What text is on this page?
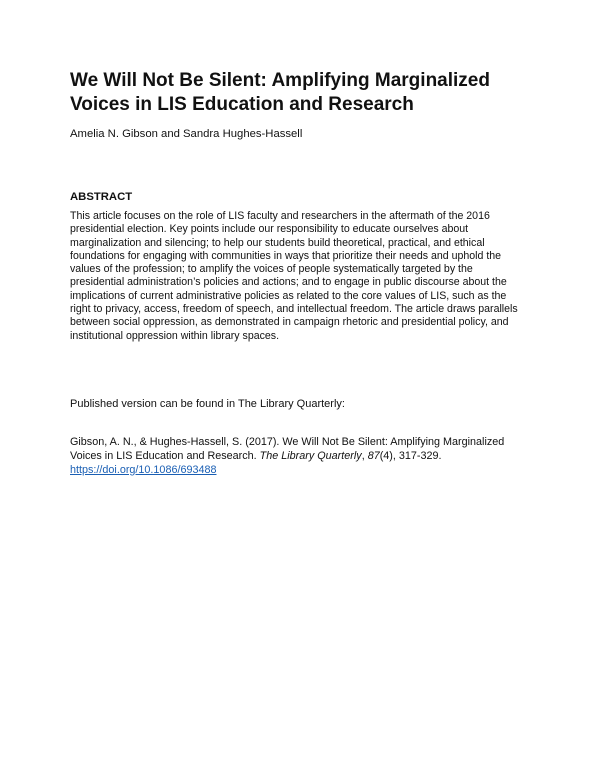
We Will Not Be Silent: Amplifying Marginalized
Voices in LIS Education and Research

Amelia N. Gibson and Sandra Hughes-Hassell

ABSTRACT

This article focuses on the role of LIS faculty and researchers in the aftermath of the 2016
presidential election. Key points include our responsibility to educate ourselves about
marginalization and silencing; to help our students build theoretical, practical, and ethical
foundations for engaging with communities in ways that prioritize their needs and uphold the
values of the profession; to amplify the voices of people systematically targeted by the
presidential administration’s policies and actions; and to engage in public discourse about the
implications of current administrative policies as related to the core values of LIS, such as the
right to privacy, access, freedom of speech, and intellectual freedom. The article draws parallels
between social oppression, as demonstrated in campaign rhetoric and presidential policy, and
institutional oppression within library spaces.

Published version can be found in The Library Quarterly:

Gibson, A. N., & Hughes-Hassell, S. (2017). We Will Not Be Silent: Amplifying Marginalized
Voices in LIS Education and Research. The Library Quarterly, 87(4), 317-329.
https://doi.org/10.1086/693488
